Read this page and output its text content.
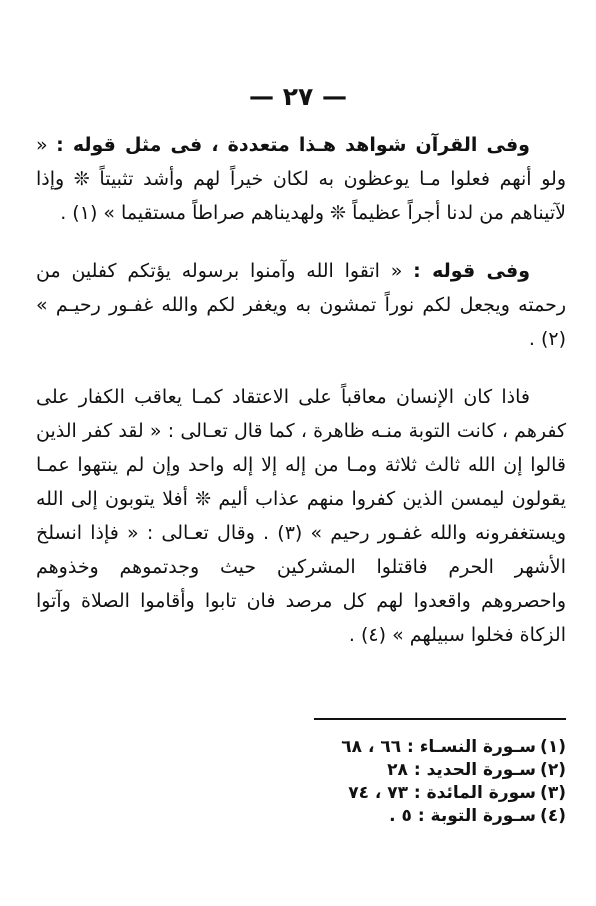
— ٢٧ —

وفى القرآن شواهد هـذا متعددة ، فى مثل قوله : « ولو أنهم فعلوا مـا يوعظون به لكان خيراً لهم وأشد تثبيتاً ❊ وإذا لآتيناهم من لدنا أجراً عظيماً ❊ ولهديناهم صراطاً مستقيما » (١) .

وفى قوله : « اتقوا الله وآمنوا برسوله يؤتكم كفلين من رحمته ويجعل لكم نوراً تمشون به ويغفر لكم والله غفـور رحيـم » (٢) .

فاذا كان الإنسان معاقباً على الاعتقاد كمـا يعاقب الكفار على كفرهم ، كانت التوبة منـه ظاهرة ، كما قال تعـالى : « لقد كفر الذين قالوا إن الله ثالث ثلاثة ومـا من إله إلا إله واحد وإن لم ينتهوا عمـا يقولون ليمسن الذين كفروا منهم عذاب أليم ❊ أفلا يتوبون إلى الله ويستغفرونه والله غفـور رحيم » (٣) . وقال تعـالى : « فإذا انسلخ الأشهر الحرم فاقتلوا المشركين حيث وجدتموهم وخذوهم واحصروهم واقعدوا لهم كل مرصد فان تابوا وأقاموا الصلاة وآتوا الزكاة فخلوا سبيلهم » (٤) .

(١)سـورة النسـاء : ٦٦ ، ٦٨
(٢)سـورة الحديد : ٢٨
(٣)سورة المائدة : ٧٣ ، ٧٤
(٤)سـورة التوبة : ٥ .
